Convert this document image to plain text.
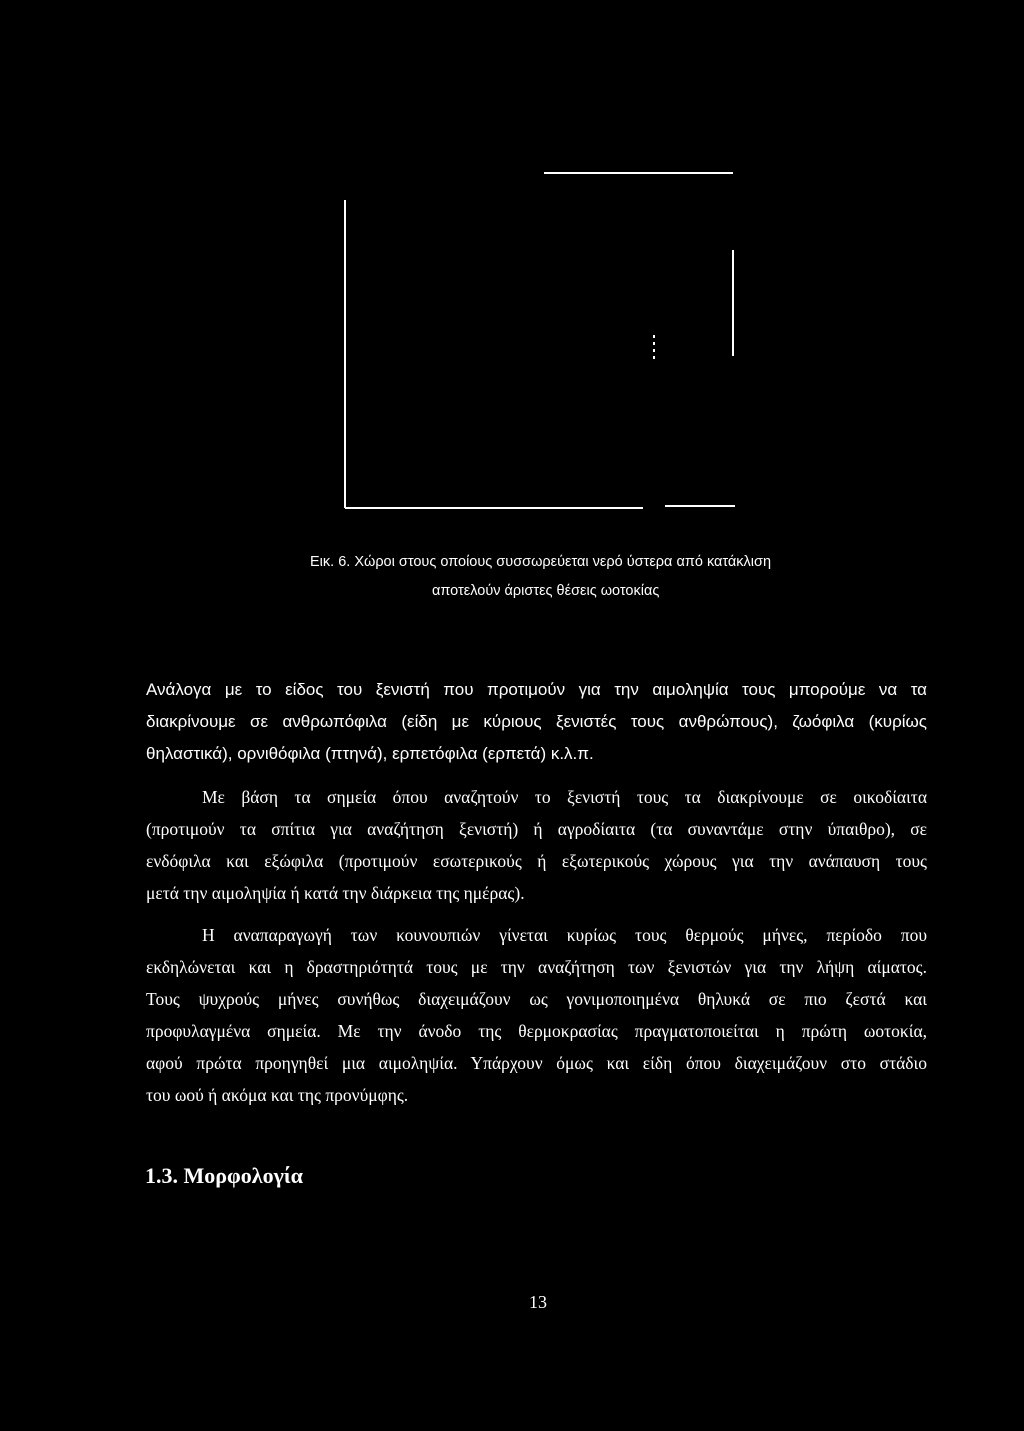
Εικ. 6. Χώροι στους οποίους συσσωρεύεται νερό ύστερα από κατάκλιση
αποτελούν άριστες θέσεις ωοτοκίας
Ανάλογα με το είδος του ξενιστή που προτιμούν για την αιμοληψία τους μπορούμε να τα
διακρίνουμε σε ανθρωπόφιλα (είδη με κύριους ξενιστές τους ανθρώπους), ζωόφιλα (κυρίως
θηλαστικά), ορνιθόφιλα (πτηνά), ερπετόφιλα (ερπετά) κ.λ.π.
Με βάση τα σημεία όπου αναζητούν το ξενιστή τους τα διακρίνουμε σε οικοδίαιτα
(προτιμούν τα σπίτια για αναζήτηση ξενιστή) ή αγροδίαιτα (τα συναντάμε στην ύπαιθρο), σε
ενδόφιλα και εξώφιλα (προτιμούν εσωτερικούς ή εξωτερικούς χώρους για την ανάπαυση τους
μετά την αιμοληψία ή κατά την διάρκεια της ημέρας).
Η αναπαραγωγή των κουνουπιών γίνεται κυρίως τους θερμούς μήνες, περίοδο που
εκδηλώνεται και η δραστηριότητά τους με την αναζήτηση των ξενιστών για την λήψη αίματος.
Τους ψυχρούς μήνες συνήθως διαχειμάζουν ως γονιμοποιημένα θηλυκά σε πιο ζεστά και
προφυλαγμένα σημεία. Με την άνοδο της θερμοκρασίας πραγματοποιείται η πρώτη ωοτοκία,
αφού πρώτα προηγηθεί μια αιμοληψία. Υπάρχουν όμως και είδη όπου διαχειμάζουν στο στάδιο
του ωού ή ακόμα και της προνύμφης.
1.3. Μορφολογία
13
